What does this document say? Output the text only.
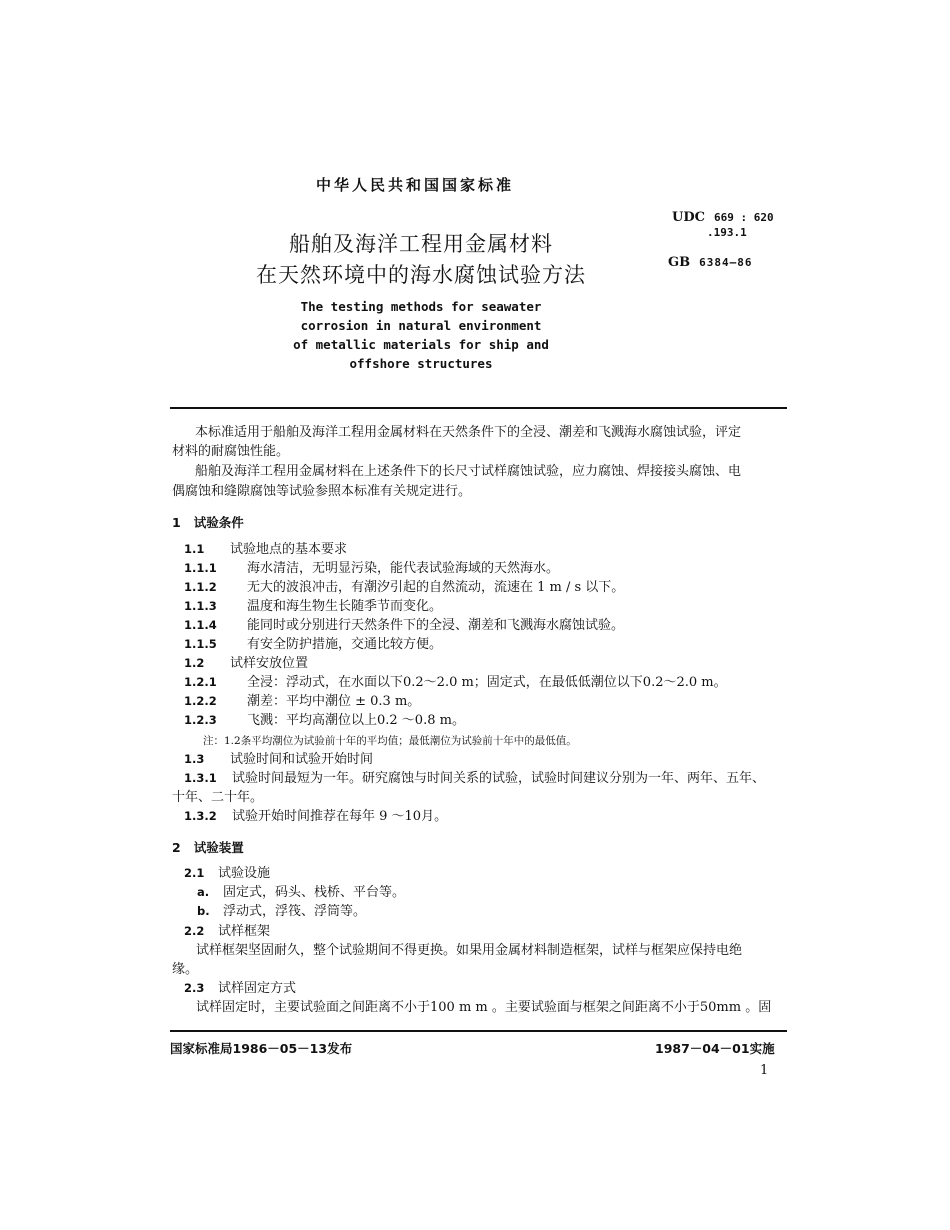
中华人民共和国国家标准
船舶及海洋工程用金属材料
在天然环境中的海水腐蚀试验方法
The testing methods for seawater
corrosion in natural environment
of metallic materials for ship and
offshore structures
UDC 669 : 620
.193.1
GB 6384—86
本标准适用于船舶及海洋工程用金属材料在天然条件下的全浸、潮差和飞溅海水腐蚀试验，评定
材料的耐腐蚀性能。
船舶及海洋工程用金属材料在上述条件下的长尺寸试样腐蚀试验，应力腐蚀、焊接接头腐蚀、电
偶腐蚀和缝隙腐蚀等试验参照本标准有关规定进行。
1 试验条件
1.1 试验地点的基本要求
1.1.1 海水清洁，无明显污染，能代表试验海域的天然海水。
1.1.2 无大的波浪冲击，有潮汐引起的自然流动，流速在 1 m / s 以下。
1.1.3 温度和海生物生长随季节而变化。
1.1.4 能同时或分别进行天然条件下的全浸、潮差和飞溅海水腐蚀试验。
1.1.5 有安全防护措施，交通比较方便。
1.2 试样安放位置
1.2.1 全浸：浮动式，在水面以下0.2～2.0 m；固定式，在最低低潮位以下0.2～2.0 m。
1.2.2 潮差：平均中潮位 ± 0.3 m。
1.2.3 飞溅：平均高潮位以上0.2 ～0.8 m。
注：1.2条平均潮位为试验前十年的平均值；最低潮位为试验前十年中的最低值。
1.3 试验时间和试验开始时间
1.3.1 试验时间最短为一年。研究腐蚀与时间关系的试验，试验时间建议分别为一年、两年、五年、
十年、二十年。
1.3.2 试验开始时间推荐在每年 9 ～10月。
2 试验装置
2.1 试验设施
a. 固定式，码头、栈桥、平台等。
b. 浮动式，浮筏、浮筒等。
2.2 试样框架
试样框架坚固耐久，整个试验期间不得更换。如果用金属材料制造框架，试样与框架应保持电绝
缘。
2.3 试样固定方式
试样固定时，主要试验面之间距离不小于100 m m 。主要试验面与框架之间距离不小于50mm 。固
国家标准局1986－05－13发布	1987－04－01实施
1
